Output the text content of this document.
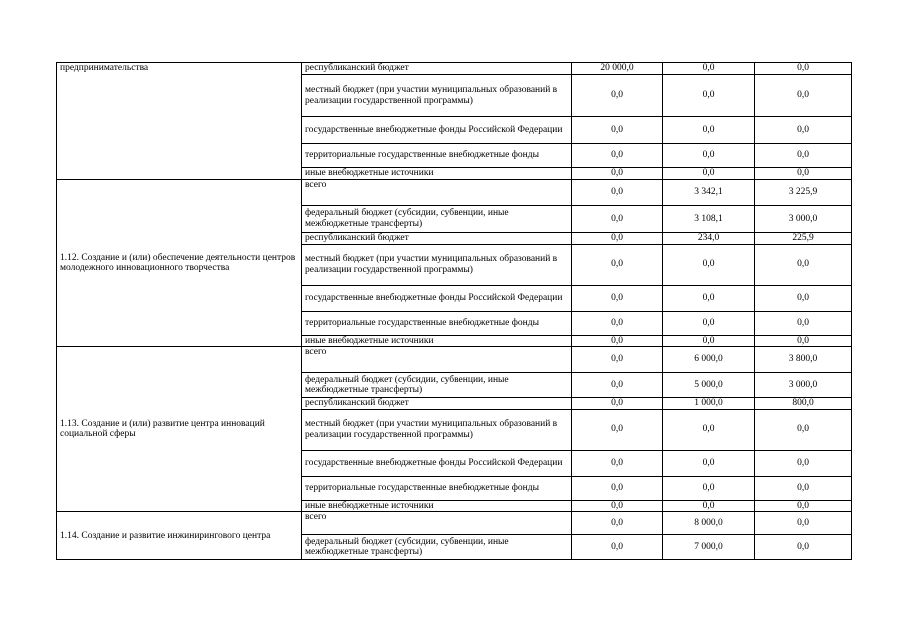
предпринимательства	республиканский бюджет	20 000,0	0,0	0,0
	местный бюджет (при участии муниципальных образований в реализации государственной программы)	0,0	0,0	0,0
	государственные внебюджетные фонды Российской Федерации	0,0	0,0	0,0
	территориальные государственные внебюджетные фонды	0,0	0,0	0,0
	иные внебюджетные источники	0,0	0,0	0,0
1.12. Создание и (или) обеспечение деятельности центров молодежного инновационного творчества	всего	0,0	3 342,1	3 225,9
	федеральный бюджет (субсидии, субвенции, иные межбюджетные трансферты)	0,0	3 108,1	3 000,0
	республиканский бюджет	0,0	234,0	225,9
	местный бюджет (при участии муниципальных образований в реализации государственной программы)	0,0	0,0	0,0
	государственные внебюджетные фонды Российской Федерации	0,0	0,0	0,0
	территориальные государственные внебюджетные фонды	0,0	0,0	0,0
	иные внебюджетные источники	0,0	0,0	0,0
1.13. Создание и (или) развитие центра инноваций социальной сферы	всего	0,0	6 000,0	3 800,0
	федеральный бюджет (субсидии, субвенции, иные межбюджетные трансферты)	0,0	5 000,0	3 000,0
	республиканский бюджет	0,0	1 000,0	800,0
	местный бюджет (при участии муниципальных образований в реализации государственной программы)	0,0	0,0	0,0
	государственные внебюджетные фонды Российской Федерации	0,0	0,0	0,0
	территориальные государственные внебюджетные фонды	0,0	0,0	0,0
	иные внебюджетные источники	0,0	0,0	0,0
1.14. Создание и развитие инжинирингового центра	всего	0,0	8 000,0	0,0
	федеральный бюджет (субсидии, субвенции, иные межбюджетные трансферты)	0,0	7 000,0	0,0
